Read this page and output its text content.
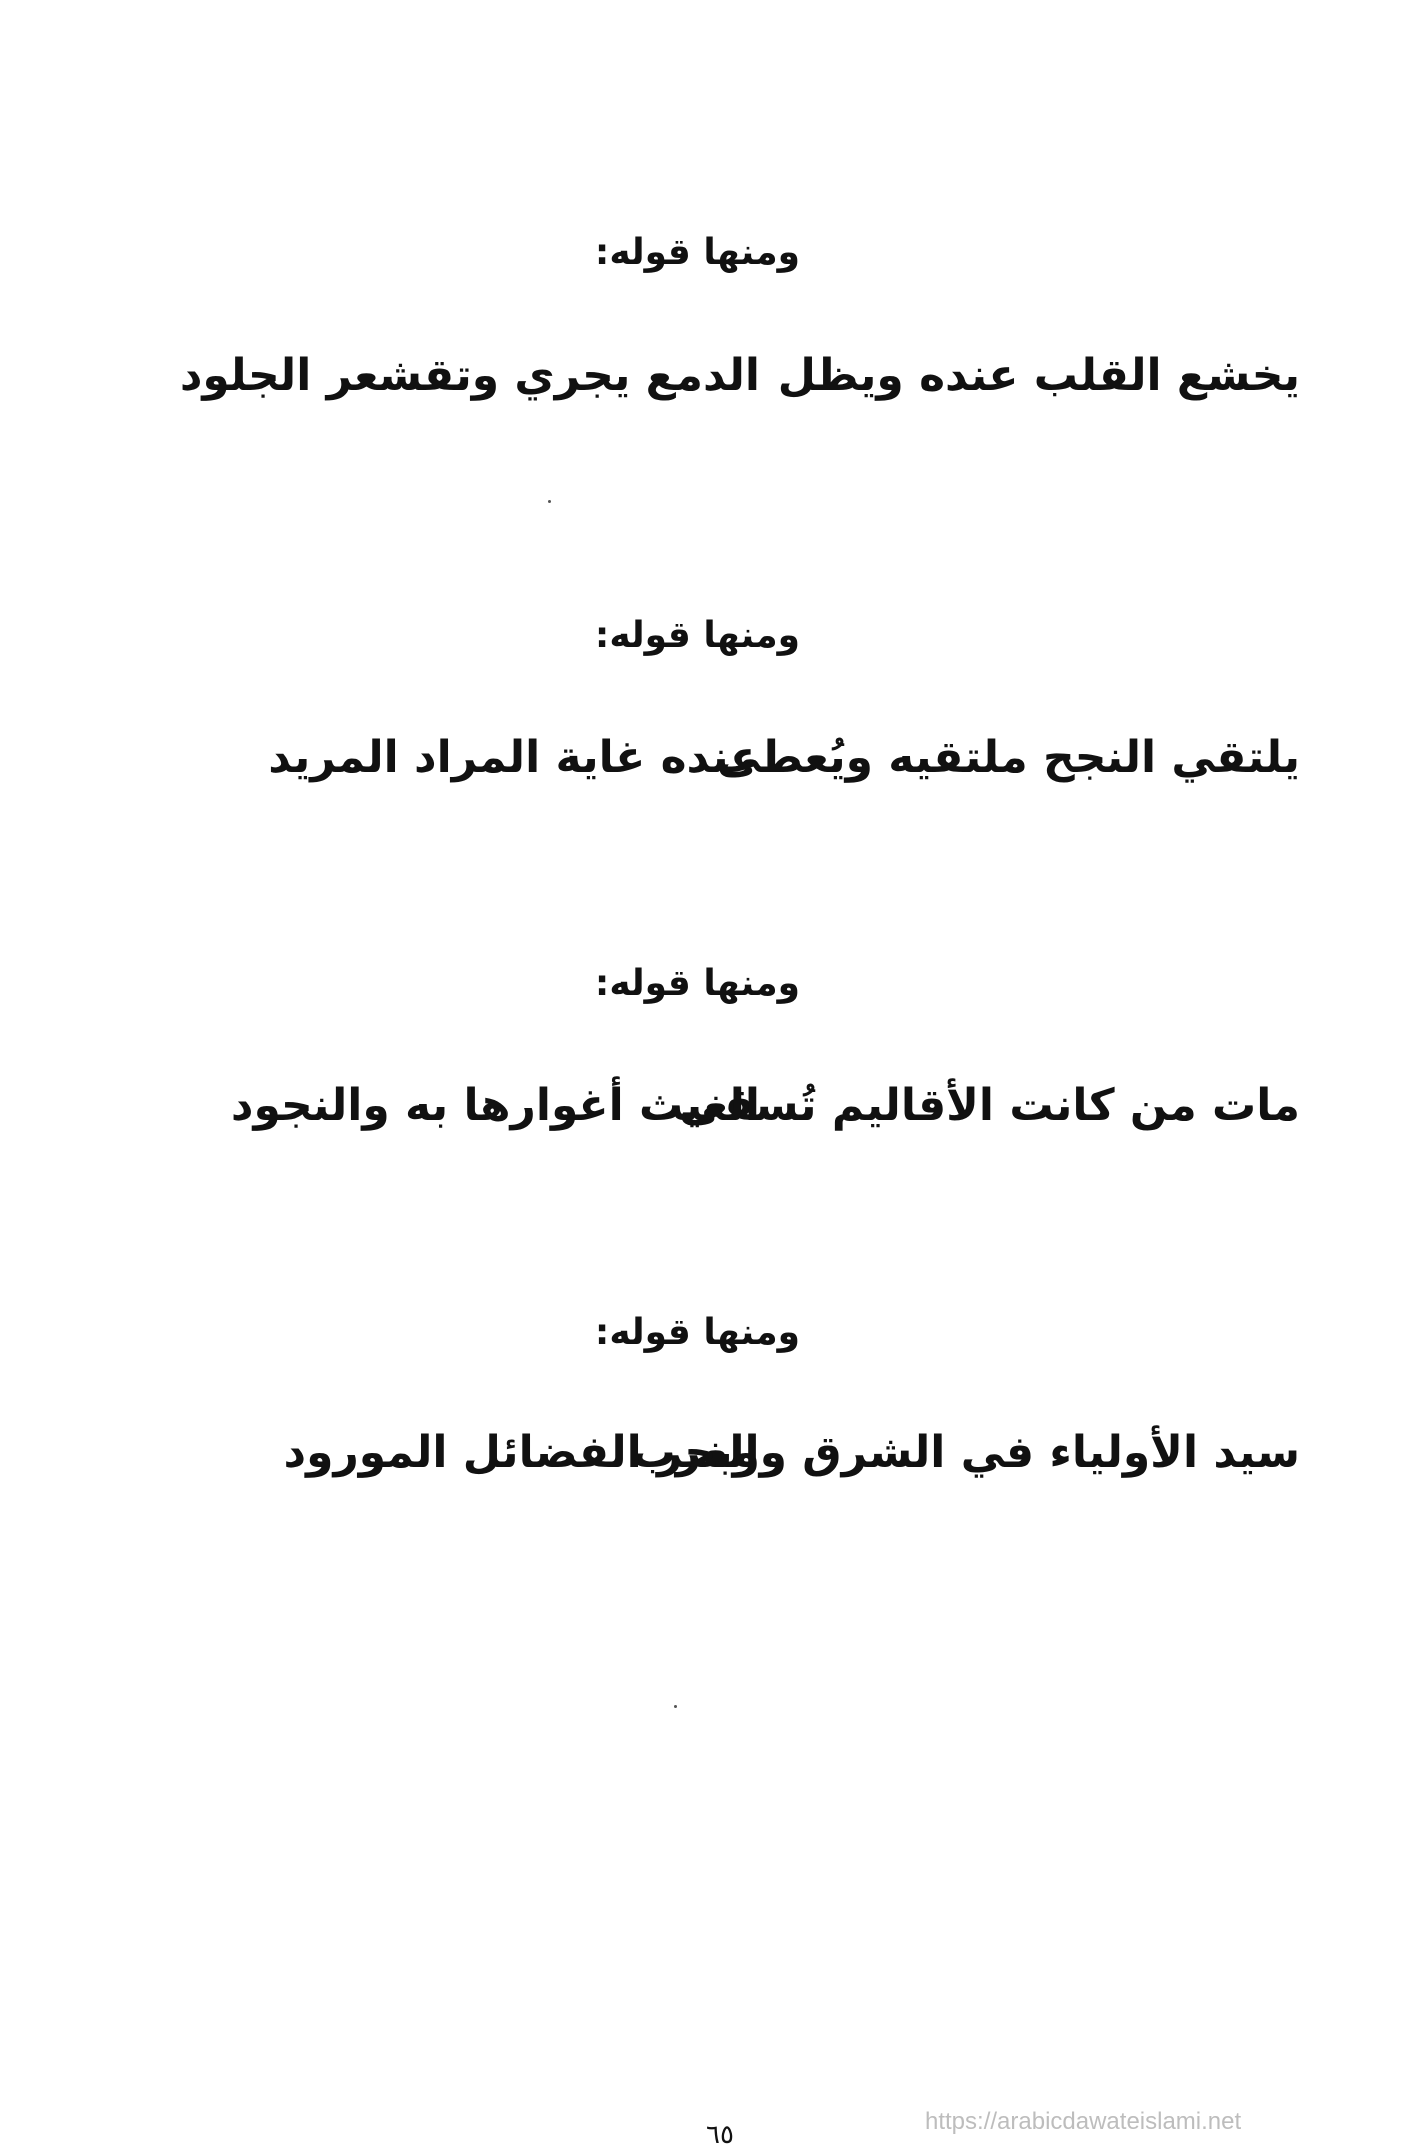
ومنها قوله:
يخشع القلب عنده ويظل
الدمع يجري وتقشعر الجلود
ومنها قوله:
يلتقي النجح ملتقيه ويُعطى
عنده غاية المراد المريد
ومنها قوله:
مات من كانت الأقاليم تُسقى
الغيث أغوارها به والنجود
ومنها قوله:
سيد الأولياء في الشرق والغرب
وبحر الفضائل المورود
٦٥	https://arabicdawateislami.net
